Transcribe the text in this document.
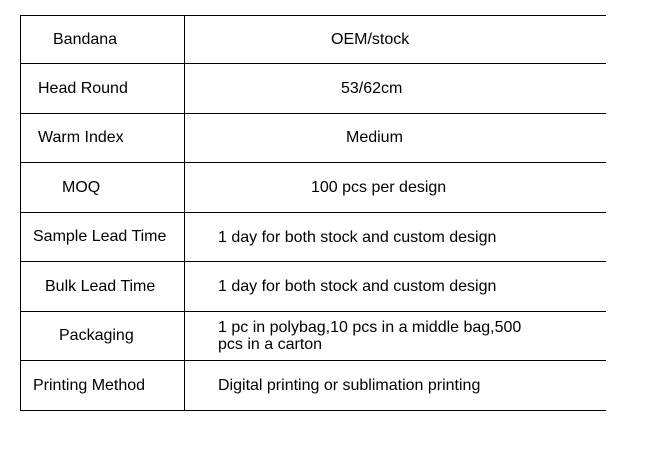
Bandana	OEM/stock
Head Round	53/62cm
Warm Index	Medium
MOQ	100 pcs per design
Sample Lead Time	1 day for both stock and custom design
Bulk Lead Time	1 day for both stock and custom design
Packaging	1 pc in polybag,10 pcs in a middle bag,500
pcs in a carton
Printing Method	Digital printing or sublimation printing
